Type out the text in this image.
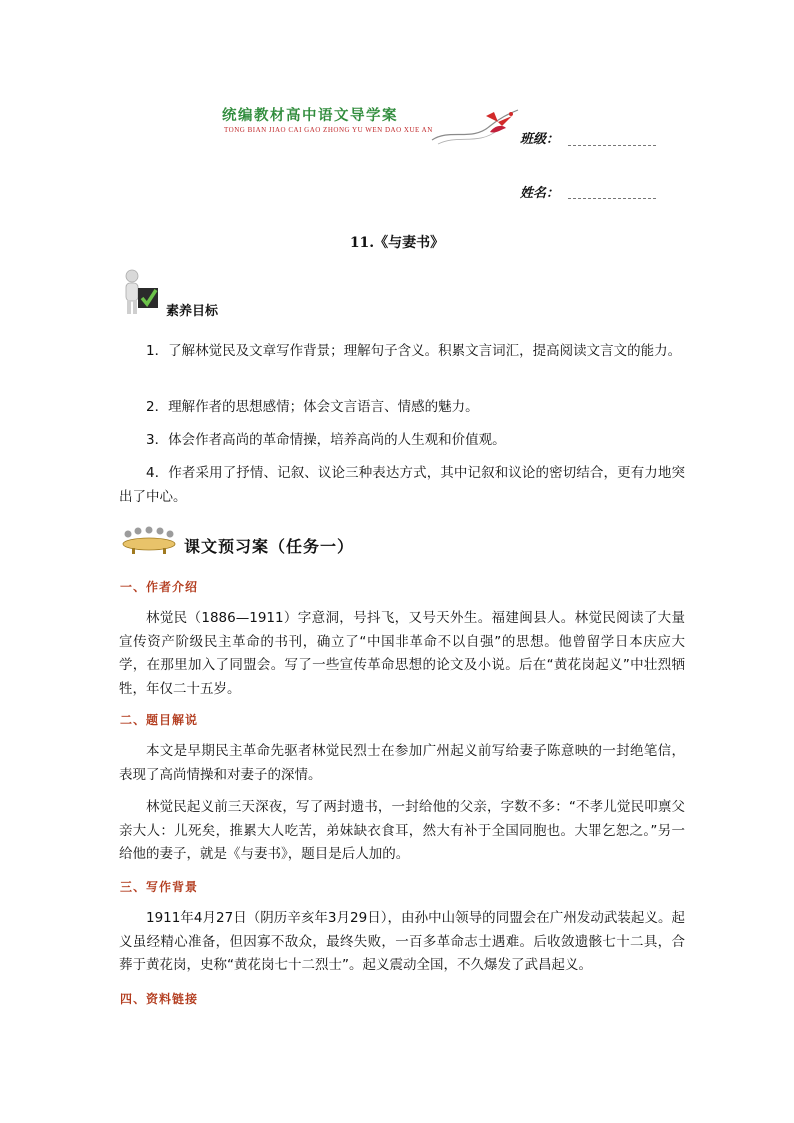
统编教材高中语文导学案
TONG BIAN JIAO CAI GAO ZHONG YU WEN DAO XUE AN
班级：
姓名：
11.《与妻书》
素养目标
1．了解林觉民及文章写作背景；理解句子含义。积累文言词汇，提高阅读文言文的能力。
2．理解作者的思想感情；体会文言语言、情感的魅力。
3．体会作者高尚的革命情操，培养高尚的人生观和价值观。
4．作者采用了抒情、记叙、议论三种表达方式，其中记叙和议论的密切结合，更有力地突出了中心。
课文预习案（任务一）
一、作者介绍
林觉民（1886—1911）字意洞，号抖飞，又号天外生。福建闽县人。林觉民阅读了大量宣传资产阶级民主革命的书刊，确立了“中国非革命不以自强”的思想。他曾留学日本庆应大学，在那里加入了同盟会。写了一些宣传革命思想的论文及小说。后在“黄花岗起义”中壮烈牺牲，年仅二十五岁。
二、题目解说
本文是早期民主革命先驱者林觉民烈士在参加广州起义前写给妻子陈意映的一封绝笔信，表现了高尚情操和对妻子的深情。
林觉民起义前三天深夜，写了两封遗书，一封给他的父亲，字数不多：“不孝儿觉民叩禀父亲大人：儿死矣，推累大人吃苦，弟妹缺衣食耳，然大有补于全国同胞也。大罪乞恕之。”另一给他的妻子，就是《与妻书》，题目是后人加的。
三、写作背景
1911年4月27日（阴历辛亥年3月29日），由孙中山领导的同盟会在广州发动武装起义。起义虽经精心准备，但因寡不敌众，最终失败，一百多革命志士遇难。后收敛遗骸七十二具，合葬于黄花岗，史称“黄花岗七十二烈士”。起义震动全国，不久爆发了武昌起义。
四、资料链接
